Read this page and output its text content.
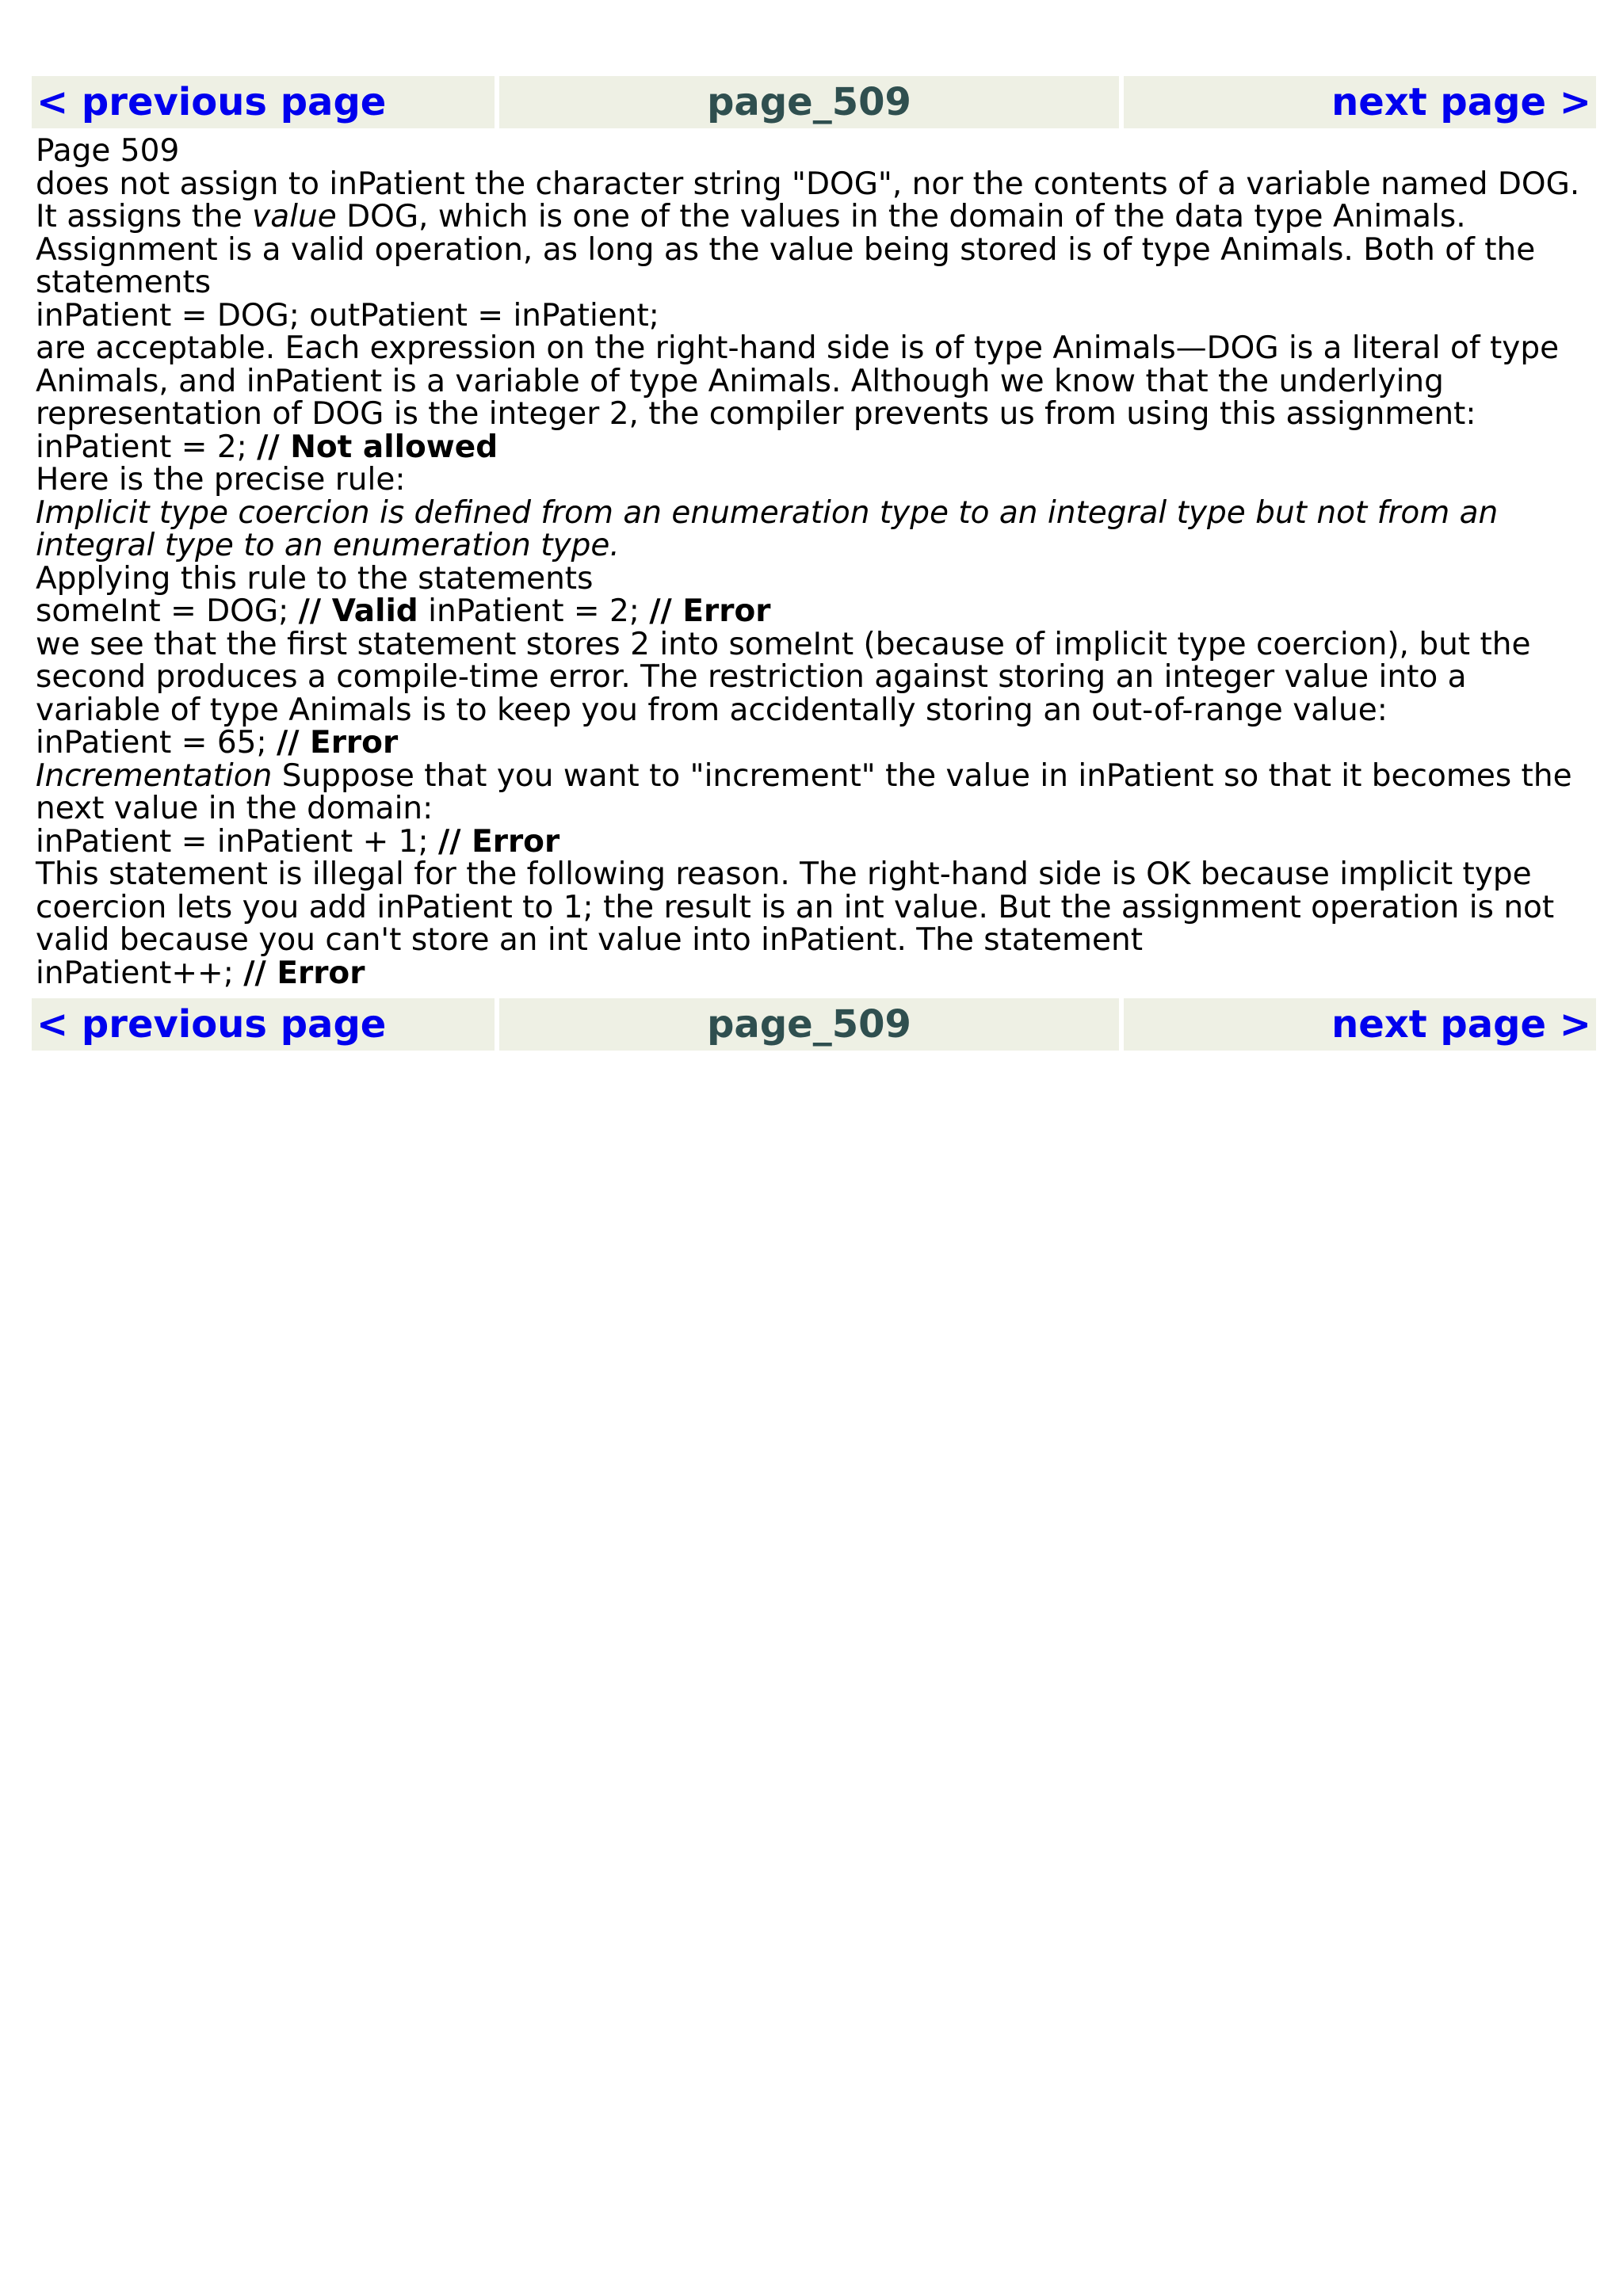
< previous page	page_509	next page >

Page 509

does not assign to inPatient the character string "DOG", nor the contents of a variable named DOG. It assigns the value DOG, which is one of the values in the domain of the data type Animals.

Assignment is a valid operation, as long as the value being stored is of type Animals. Both of the statements

inPatient = DOG; outPatient = inPatient;

are acceptable. Each expression on the right-hand side is of type Animals—DOG is a literal of type Animals, and inPatient is a variable of type Animals. Although we know that the underlying representation of DOG is the integer 2, the compiler prevents us from using this assignment:

inPatient = 2; // Not allowed

Here is the precise rule:

Implicit type coercion is defined from an enumeration type to an integral type but not from an integral type to an enumeration type.

Applying this rule to the statements

someInt = DOG; // Valid inPatient = 2; // Error

we see that the first statement stores 2 into someInt (because of implicit type coercion), but the second produces a compile-time error. The restriction against storing an integer value into a variable of type Animals is to keep you from accidentally storing an out-of-range value:

inPatient = 65; // Error

Incrementation Suppose that you want to "increment" the value in inPatient so that it becomes the next value in the domain:

inPatient = inPatient + 1; // Error

This statement is illegal for the following reason. The right-hand side is OK because implicit type coercion lets you add inPatient to 1; the result is an int value. But the assignment operation is not valid because you can't store an int value into inPatient. The statement

inPatient++; // Error

< previous page	page_509	next page >
